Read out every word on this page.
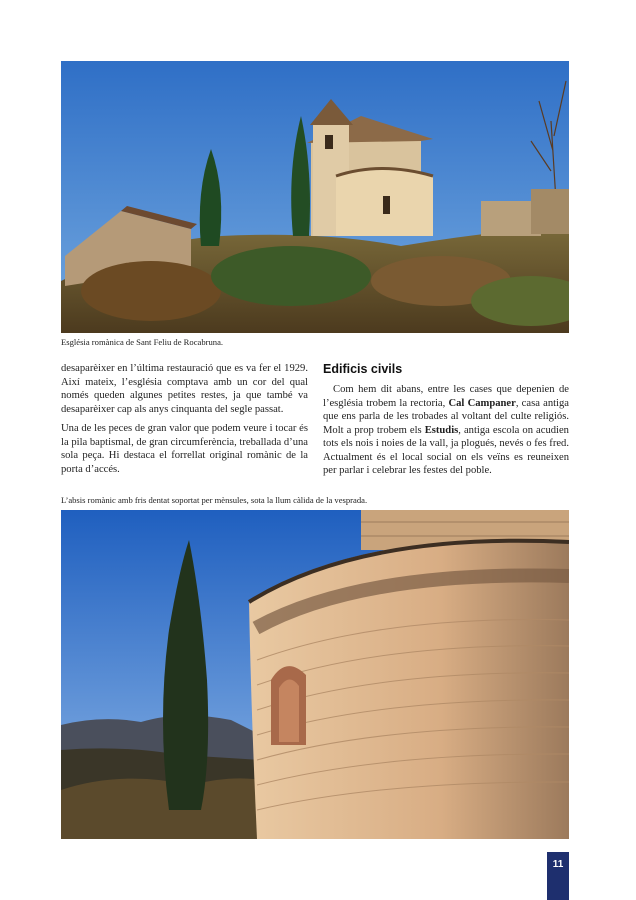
Església romànica de Sant Feliu de Rocabruna.

desaparèixer en l’última restauració que es va fer el 1929. Així mateix, l’església comptava amb un cor del qual només queden algunes petites restes, ja que també va desaparèixer cap als anys cinquanta del segle passat.

Una de les peces de gran valor que podem veure i tocar és la pila baptismal, de gran circumferència, treballada d’una sola peça. Hi destaca el forrellat original romànic de la porta d’accés.

Edificis civils

Com hem dit abans, entre les cases que depenien de l’església trobem la rectoria, Cal Campaner, casa antiga que ens parla de les trobades al voltant del culte religiós. Molt a prop trobem els Estudis, antiga escola on acudien tots els nois i noies de la vall, ja plogués, nevés o fes fred. Actualment és el local social on els veïns es reuneixen per parlar i celebrar les festes del poble.

L’absis romànic amb fris dentat soportat per mènsules, sota la llum càlida de la vesprada.
11
